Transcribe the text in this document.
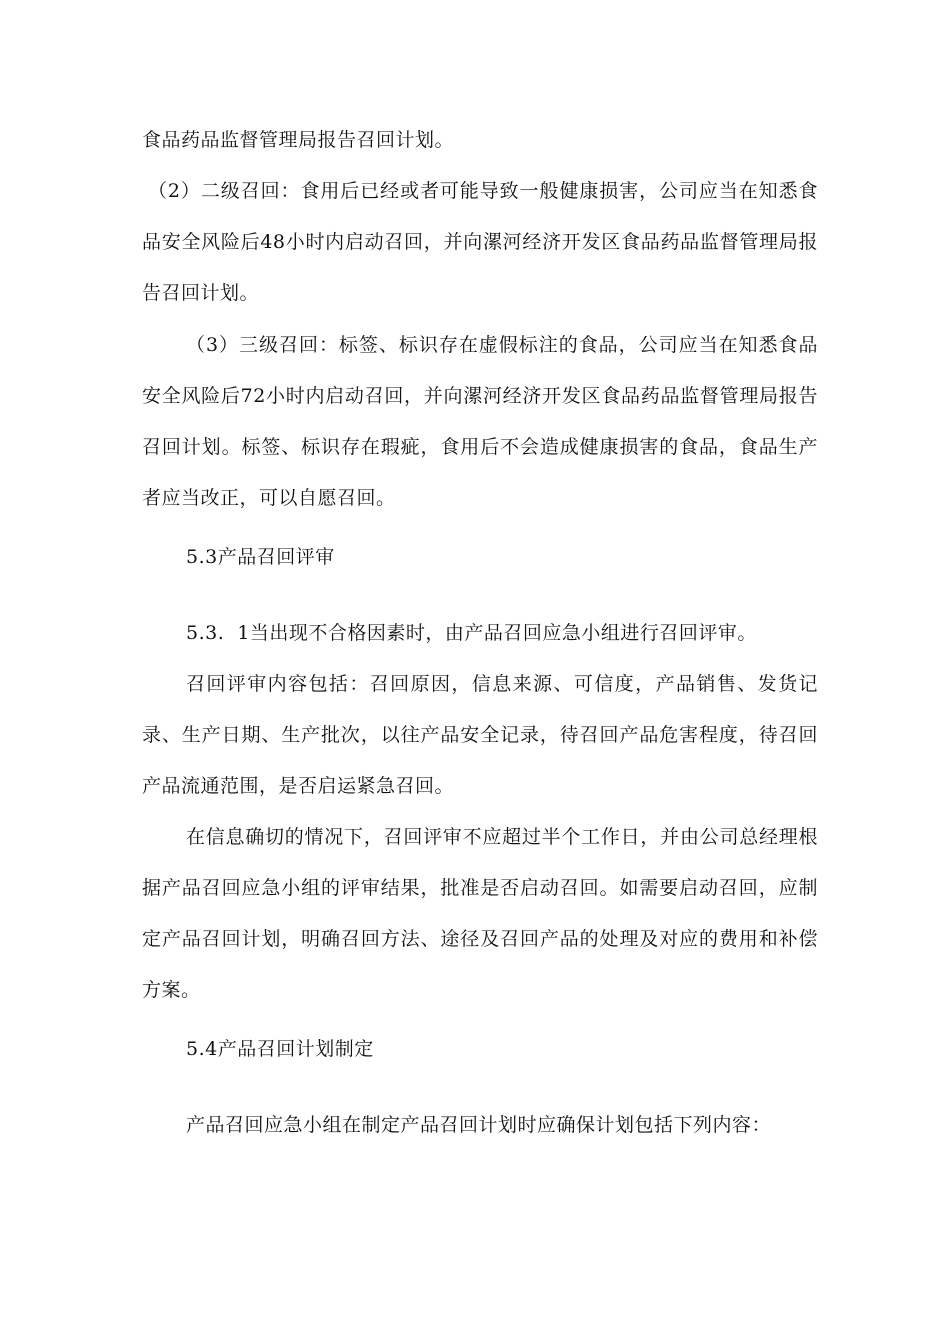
食品药品监督管理局报告召回计划。

（2）二级召回：食用后已经或者可能导致一般健康损害，公司应当在知悉食品安全风险后48小时内启动召回，并向漯河经济开发区食品药品监督管理局报告召回计划。

（3）三级召回：标签、标识存在虚假标注的食品，公司应当在知悉食品安全风险后72小时内启动召回，并向漯河经济开发区食品药品监督管理局报告召回计划。标签、标识存在瑕疵，食用后不会造成健康损害的食品，食品生产者应当改正，可以自愿召回。

5.3产品召回评审

5.3.  1当出现不合格因素时，由产品召回应急小组进行召回评审。

召回评审内容包括：召回原因，信息来源、可信度，产品销售、发货记录、生产日期、生产批次，以往产品安全记录，待召回产品危害程度，待召回产品流通范围，是否启运紧急召回。

在信息确切的情况下，召回评审不应超过半个工作日，并由公司总经理根据产品召回应急小组的评审结果，批准是否启动召回。如需要启动召回，应制定产品召回计划，明确召回方法、途径及召回产品的处理及对应的费用和补偿方案。

5.4产品召回计划制定

产品召回应急小组在制定产品召回计划时应确保计划包括下列内容：
